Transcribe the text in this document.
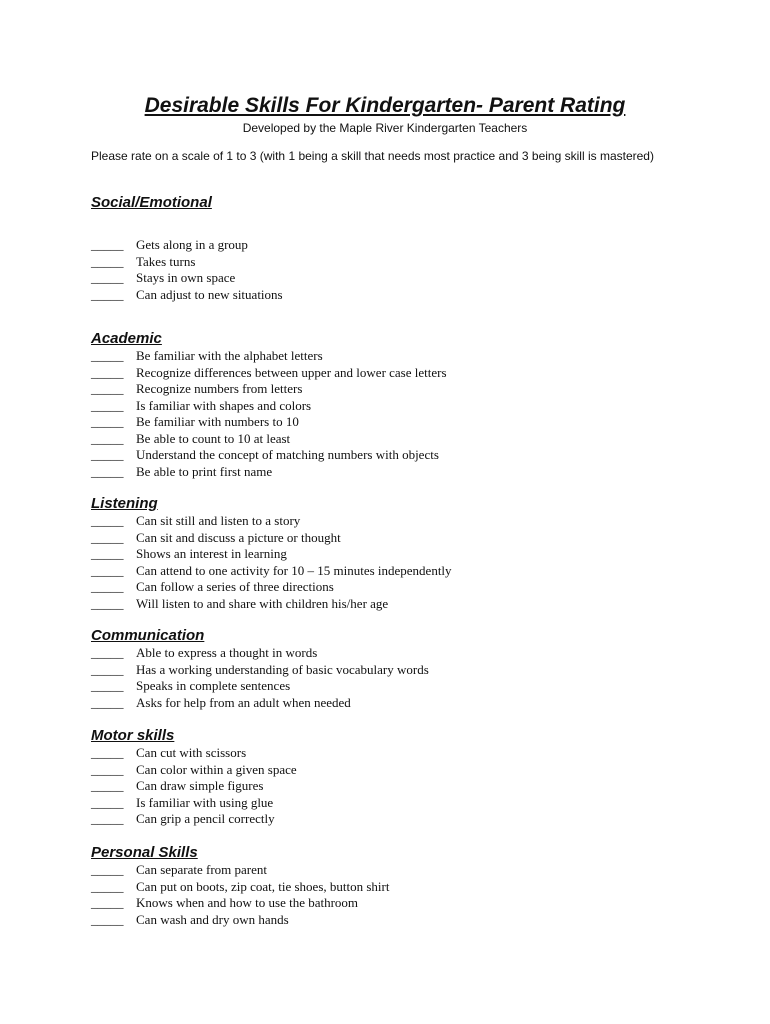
Desirable Skills For Kindergarten- Parent Rating
Developed by the Maple River Kindergarten Teachers
Please rate on a scale of 1 to 3 (with 1 being a skill that needs most practice and 3 being skill is mastered)
Social/Emotional
_____ Gets along in a group
_____ Takes turns
_____ Stays in own space
_____ Can adjust to new situations
Academic
_____ Be familiar with the alphabet letters
_____ Recognize differences between upper and lower case letters
_____ Recognize numbers from letters
_____ Is familiar with shapes and colors
_____ Be familiar with numbers to 10
_____ Be able to count to 10 at least
_____ Understand the concept of matching numbers with objects
_____ Be able to print first name
Listening
_____ Can sit still and listen to a story
_____ Can sit and discuss a picture or thought
_____ Shows an interest in learning
_____ Can attend to one activity for 10 – 15 minutes independently
_____ Can follow a series of three directions
_____ Will listen to and share with children his/her age
Communication
_____ Able to express a thought in words
_____ Has a working understanding of basic vocabulary words
_____ Speaks in complete sentences
_____ Asks for help from an adult when needed
Motor skills
_____ Can cut with scissors
_____ Can color within a given space
_____ Can draw simple figures
_____ Is familiar with using glue
_____ Can grip a pencil correctly
Personal Skills
_____ Can separate from parent
_____ Can put on boots, zip coat, tie shoes, button shirt
_____ Knows when and how to use the bathroom
_____ Can wash and dry own hands
